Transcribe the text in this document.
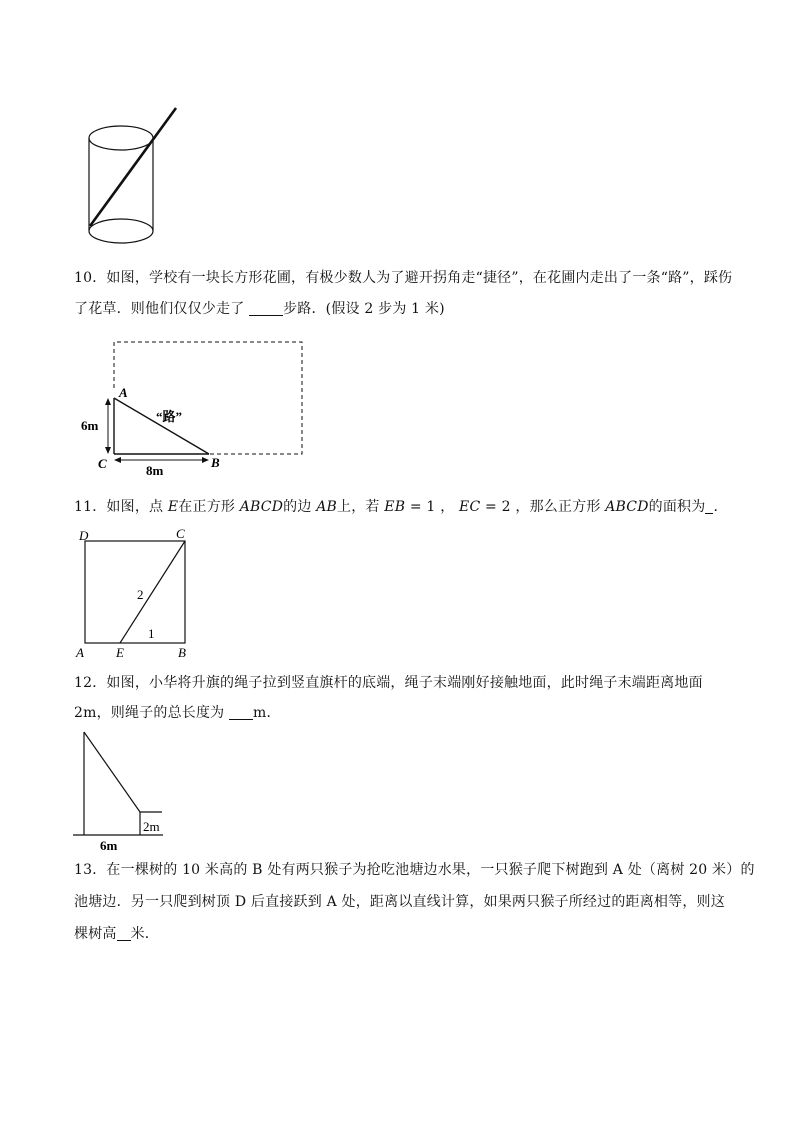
10．如图，学校有一块长方形花圃，有极少数人为了避开拐角走“捷径”，在花圃内走出了一条“路”，踩伤
了花草．则他们仅仅少走了 步路．(假设 2 步为 1 米)
A
“路”
6m
C	B
8m
11．如图，点 E在正方形 ABCD的边 AB上，若 EB = 1 ， EC = 2 ，那么正方形 ABCD的面积为 ．
D	C
2
1
A E	B
12．如图，小华将升旗的绳子拉到竖直旗杆的底端，绳子末端刚好接触地面，此时绳子末端距离地面
2m，则绳子的总长度为 m．
2m
6m
13．在一棵树的 10 米高的 B 处有两只猴子为抢吃池塘边水果，一只猴子爬下树跑到 A 处（离树 20 米）的
池塘边．另一只爬到树顶 D 后直接跃到 A 处，距离以直线计算，如果两只猴子所经过的距离相等，则这
棵树高 米．
